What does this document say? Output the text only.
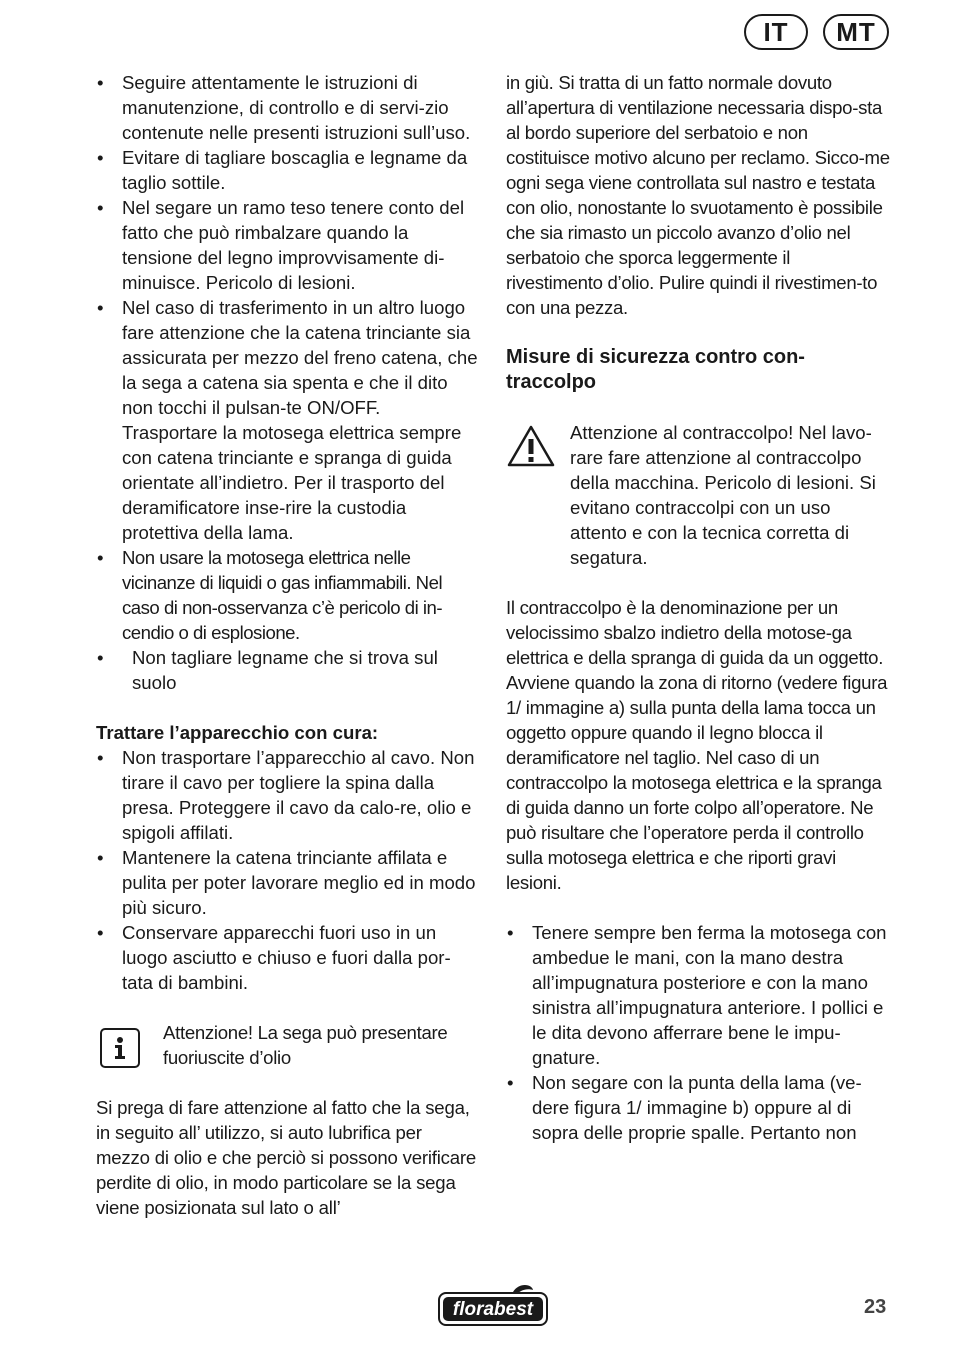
IT	MT
• Seguire attentamente le istruzioni di manutenzione, di controllo e di servi-zio contenute nelle presenti istruzioni sull’uso.
• Evitare di tagliare boscaglia e legname da taglio sottile.
• Nel segare un ramo teso tenere conto del fatto che può rimbalzare quando la tensione del legno improvvisamente di-minuisce. Pericolo di lesioni.
• Nel caso di trasferimento in un altro luogo fare attenzione che la catena trinciante sia assicurata per mezzo del freno catena, che la sega a catena sia spenta e che il dito non tocchi il pulsan-te ON/OFF. Trasportare la motosega elettrica sempre con catena trinciante e spranga di guida orientate all’indietro. Per il trasporto del deramificatore inse-rire la custodia protettiva della lama.
• Non usare la motosega elettrica nelle vicinanze di liquidi o gas infiammabili. Nel caso di non-osservanza c’è pericolo di in-cendio o di esplosione.
• Non tagliare legname che si trova sul suolo

Trattare l’apparecchio con cura:

• Non trasportare l’apparecchio al cavo. Non tirare il cavo per togliere la spina dalla presa. Proteggere il cavo da calo-re, olio e spigoli affilati.
• Mantenere la catena trinciante affilata e pulita per poter lavorare meglio ed in modo più sicuro.
• Conservare apparecchi fuori uso in un luogo asciutto e chiuso e fuori dalla por-tata di bambini.

Attenzione! La sega può presentare fuoriuscite d’olio

Si prega di fare attenzione al fatto che la sega, in seguito all’ utilizzo, si auto lubrifica per mezzo di olio e che perciò si possono verificare perdite di olio, in modo particolare se la sega viene posizionata sul lato o all’

in giù. Si tratta di un fatto normale dovuto all’apertura di ventilazione necessaria dispo-sta al bordo superiore del serbatoio e non costituisce motivo alcuno per reclamo. Sicco-me ogni sega viene controllata sul nastro e testata con olio, nonostante lo svuotamento è possibile che sia rimasto un piccolo avanzo d’olio nel serbatoio che sporca leggermente il rivestimento d’olio. Pulire quindi il rivestimen-to con una pezza.

Misure di sicurezza contro con-traccolpo

Attenzione al contraccolpo! Nel lavo-rare fare attenzione al contraccolpo della macchina. Pericolo di lesioni. Si evitano contraccolpi con un uso attento e con la tecnica corretta di segatura.

Il contraccolpo è la denominazione per un velocissimo sbalzo indietro della motose-ga elettrica e della spranga di guida da un oggetto. Avviene quando la zona di ritorno (vedere figura 1/ immagine a) sulla punta della lama tocca un oggetto oppure quando il legno blocca il deramificatore nel taglio. Nel caso di un contraccolpo la motosega elettrica e la spranga di guida danno un forte colpo all’operatore. Ne può risultare che l’operatore perda il controllo sulla motosega elettrica e che riporti gravi lesioni.

• Tenere sempre ben ferma la motosega con ambedue le mani, con la mano destra all’impugnatura posteriore e con la mano sinistra all’impugnatura anteriore. I pollici e le dita devono afferrare bene le impu-gnature.
• Non segare con la punta della lama (ve-dere figura 1/ immagine b) oppure al di sopra delle proprie spalle. Pertanto non
florabest	23
